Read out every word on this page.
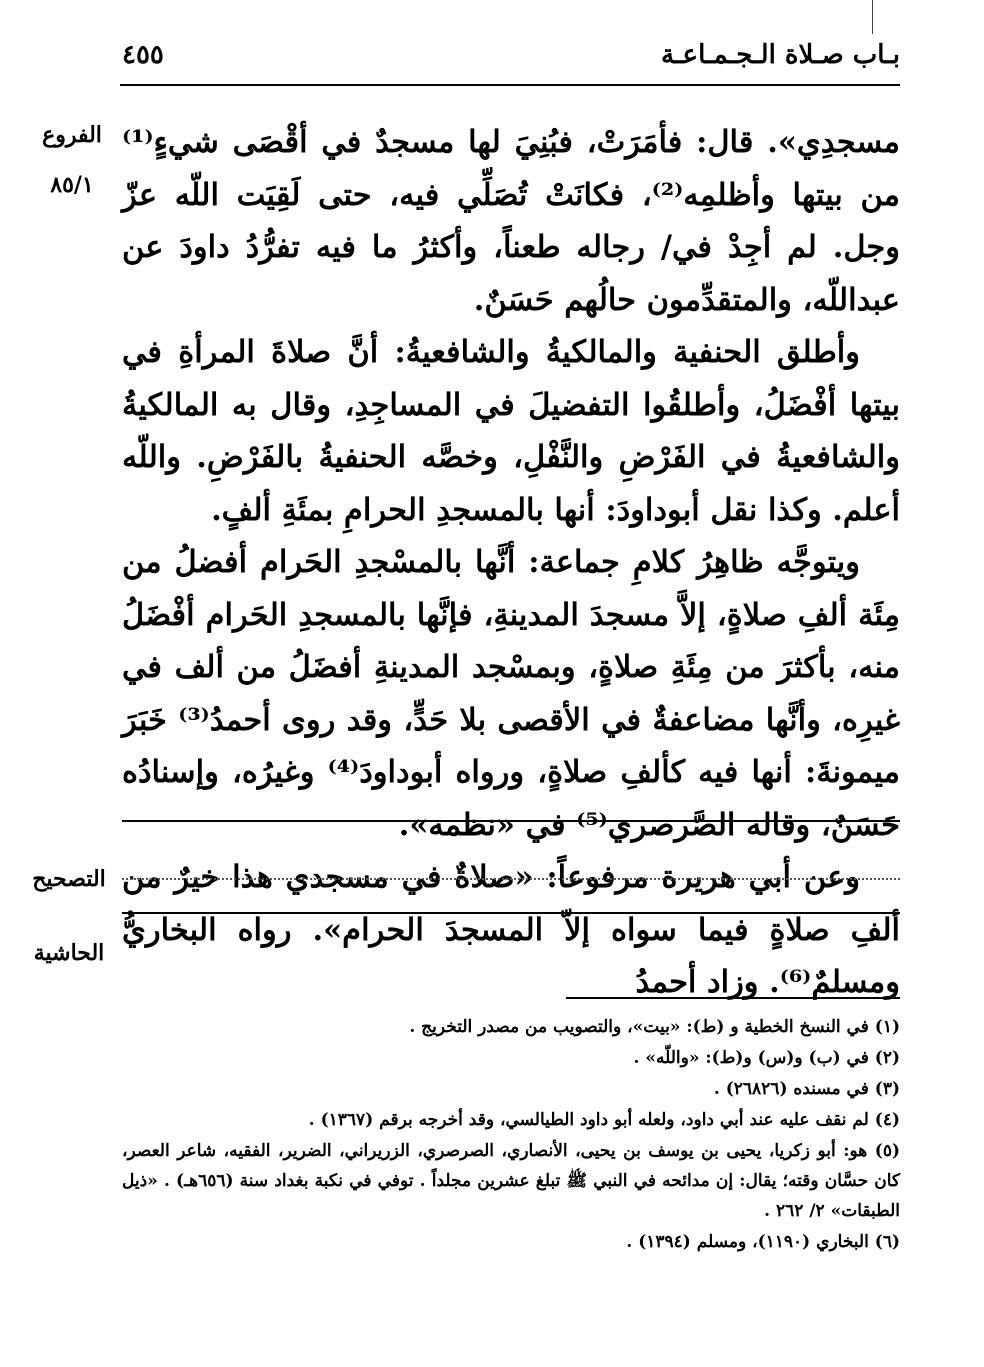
بـاب صـلاة الـجـمـاعـة
٤٥٥
الفروع
٨٥/١

مسجدِي». قال: فأمَرَتْ، فبُنِيَ لها مسجدٌ في أقْصَى شيءٍ⁽¹⁾ من بيتها وأظلمِه⁽²⁾، فكانَتْ تُصَلِّي فيه، حتى لَقِيَت اللّه عزّ وجل. لم أجِدْ في/ رجاله طعناً، وأكثرُ ما فيه تفرُّدُ داودَ عن عبداللّه، والمتقدِّمون حالُهم حَسَنٌ.

وأطلق الحنفية والمالكيةُ والشافعيةُ: أنَّ صلاةَ المرأةِ في بيتها أفْضَلُ، وأطلقُوا التفضيلَ في المساجِدِ، وقال به المالكيةُ والشافعيةُ في الفَرْضِ والنَّفْلِ، وخصَّه الحنفيةُ بالفَرْضِ. واللّه أعلم. وكذا نقل أبوداودَ: أنها بالمسجدِ الحرامِ بمئَةِ ألفٍ.

ويتوجَّه ظاهِرُ كلامِ جماعة: أنَّها بالمسْجدِ الحَرام أفضلُ من مِئَة ألفِ صلاةٍ، إلاَّ مسجدَ المدينةِ، فإنَّها بالمسجدِ الحَرام أفْضَلُ منه، بأكثرَ من مِئَةِ صلاةٍ، وبمسْجد المدينةِ أفضَلُ من ألف في غيرِه، وأنَّها مضاعفةٌ في الأقصى بلا حَدٍّ، وقد روى أحمدُ⁽³⁾ خَبَرَ ميمونةَ: أنها فيه كألفِ صلاةٍ، ورواه أبوداودَ⁽⁴⁾ وغيرُه، وإسنادُه حَسَنٌ، وقاله الصَّرصري⁽⁵⁾ في «نظمه».

وعن أبي هريرة مرفوعاً: «صلاةٌ في مسجدي هذا خيرٌ من ألفِ صلاةٍ فيما سواه إلاّ المسجدَ الحرام». رواه البخاريُّ ومسلمٌ⁽⁶⁾. وزاد أحمدُ

التصحيح
الحاشية

(١) في النسخ الخطية و (ط): «بيت»، والتصويب من مصدر التخريج .

(٢) في (ب) و(س) و(ط): «واللّه» .

(٣) في مسنده (٢٦٨٢٦) .

(٤) لم نقف عليه عند أبي داود، ولعله أبو داود الطيالسي، وقد أخرجه برقم (١٣٦٧) .

(٥) هو: أبو زكريا، يحيى بن يوسف بن يحيى، الأنصاري، الصرصري، الزريراني، الضرير، الفقيه، شاعر العصر، كان حسَّان وقته؛ يقال: إن مدائحه في النبي ﷺ تبلغ عشرين مجلداً . توفي في نكبة بغداد سنة (٦٥٦هـ) . «ذيل الطبقات» ٢/ ٢٦٢ .

(٦) البخاري (١١٩٠)، ومسلم (١٣٩٤) .
